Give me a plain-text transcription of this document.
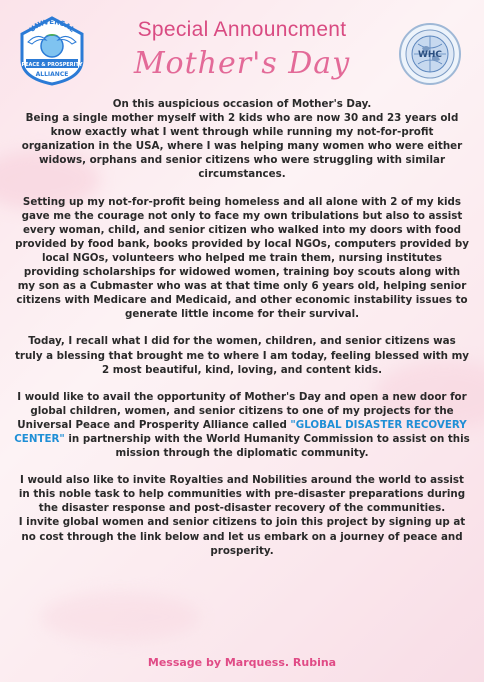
UNIVERSAL
PEACE & PROSPERITY
ALLIANCE
Special Announcment
Mother's Day	WHC

On this auspicious occasion of Mother's Day.

Being a single mother myself with 2 kids who are now 30 and 23 years old know exactly what I went through while running my not-for-profit organization in the USA, where I was helping many women who were either widows, orphans and senior citizens who were struggling with similar circumstances.

Setting up my not-for-profit being homeless and all alone with 2 of my kids gave me the courage not only to face my own tribulations but also to assist every woman, child, and senior citizen who walked into my doors with food provided by food bank, books provided by local NGOs, computers provided by local NGOs, volunteers who helped me train them, nursing institutes providing scholarships for widowed women, training boy scouts along with my son as a Cubmaster who was at that time only 6 years old, helping senior citizens with Medicare and Medicaid, and other economic instability issues to generate little income for their survival.

Today, I recall what I did for the women, children, and senior citizens was truly a blessing that brought me to where I am today, feeling blessed with my 2 most beautiful, kind, loving, and content kids.

I would like to avail the opportunity of Mother's Day and open a new door for global children, women, and senior citizens to one of my projects for the Universal Peace and Prosperity Alliance called "GLOBAL DISASTER RECOVERY CENTER" in partnership with the World Humanity Commission to assist on this mission through the diplomatic community.

I would also like to invite Royalties and Nobilities around the world to assist in this noble task to help communities with pre-disaster preparations during the disaster response and post-disaster recovery of the communities.

I invite global women and senior citizens to join this project by signing up at no cost through the link below and let us embark on a journey of peace and prosperity.

Message by Marquess. Rubina
